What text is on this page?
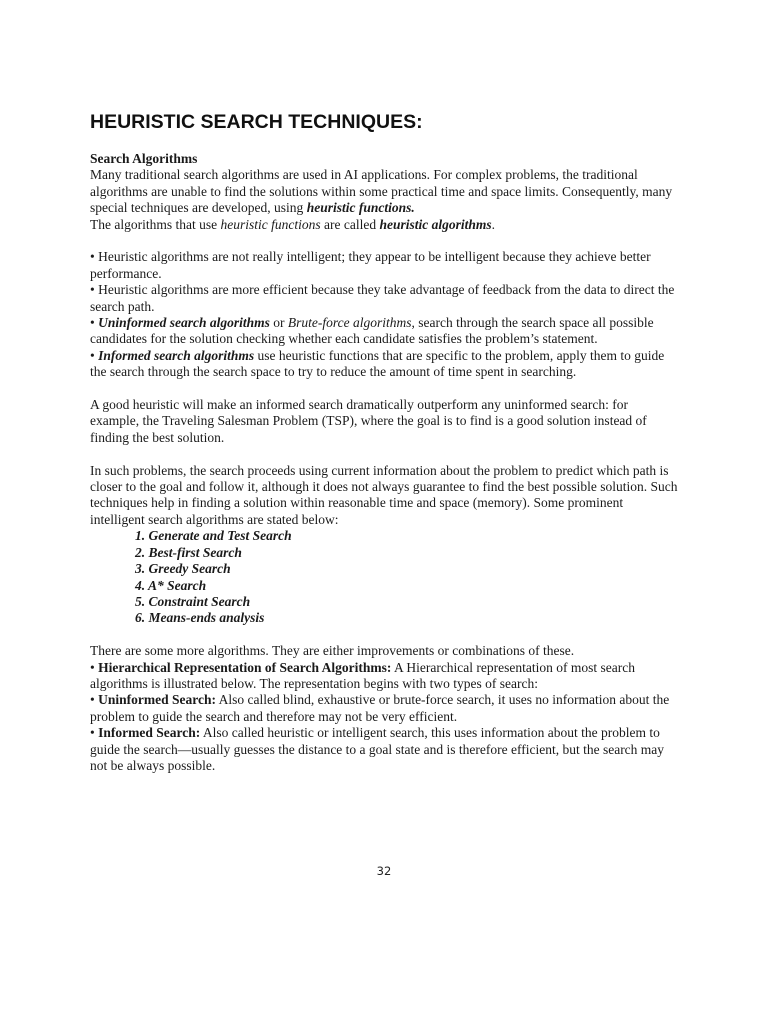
HEURISTIC SEARCH TECHNIQUES:

Search Algorithms

Many traditional search algorithms are used in AI applications. For complex problems, the traditional algorithms are unable to find the solutions within some practical time and space limits. Consequently, many special techniques are developed, using heuristic functions.

The algorithms that use heuristic functions are called heuristic algorithms.

• Heuristic algorithms are not really intelligent; they appear to be intelligent because they achieve better performance.

• Heuristic algorithms are more efficient because they take advantage of feedback from the data to direct the search path.

• Uninformed search algorithms or Brute-force algorithms, search through the search space all possible candidates for the solution checking whether each candidate satisfies the problem’s statement.

• Informed search algorithms use heuristic functions that are specific to the problem, apply them to guide the search through the search space to try to reduce the amount of time spent in searching.

A good heuristic will make an informed search dramatically outperform any uninformed search: for example, the Traveling Salesman Problem (TSP), where the goal is to find is a good solution instead of finding the best solution.

In such problems, the search proceeds using current information about the problem to predict which path is closer to the goal and follow it, although it does not always guarantee to find the best possible solution. Such techniques help in finding a solution within reasonable time and space (memory). Some prominent intelligent search algorithms are stated below:

1. Generate and Test Search
2. Best-first Search
3. Greedy Search
4. A* Search
5. Constraint Search
6. Means-ends analysis

There are some more algorithms. They are either improvements or combinations of these.

• Hierarchical Representation of Search Algorithms: A Hierarchical representation of most search algorithms is illustrated below. The representation begins with two types of search:

• Uninformed Search: Also called blind, exhaustive or brute-force search, it uses no information about the problem to guide the search and therefore may not be very efficient.

• Informed Search: Also called heuristic or intelligent search, this uses information about the problem to guide the search—usually guesses the distance to a goal state and is therefore efficient, but the search may not be always possible.

32
